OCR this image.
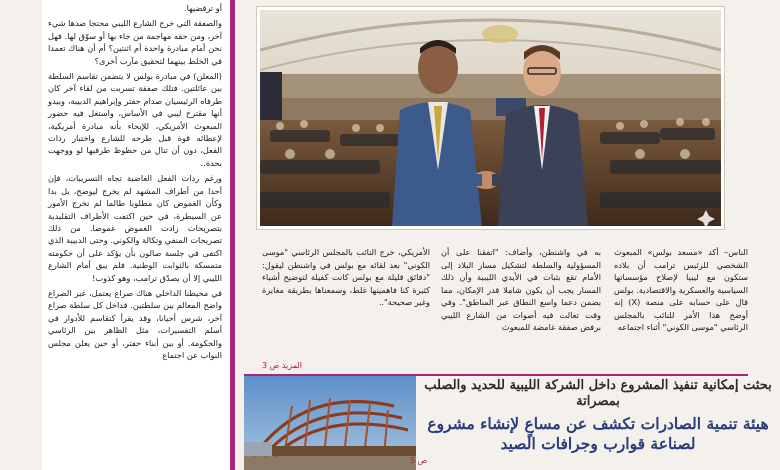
أو ترفضيها.

والصفقة التي خرج الشارع الليبي محتجا ضدها شيء آخر، ومن حقه مهاجمة من جاء بها أو سوّق لها. فهل نحن أمام مبادرة واحدة أم اثنتين؟ أم أن هناك تعمدا في الخلط بينهما لتحقيق مآرب أخرى؟

(المعلن) في مبادرة بولس لا يتضمن تقاسم السلطة بين عائلتين. فتلك صفقة تسربت من لقاء آخر كان طرفاه الرئيسيان صدام حفتر وإبراهيم الدبيبة، وبيدو أنها مقترح ليبي في الأساس، واستغل فيه حضور المبعوث الأمريكي، للإيحاء بأنه مبادرة أمريكية، لإعطائه قوة قبل طرحه للشارع واختبار ردات الفعل، دون أن تنال من حظوظ طرفيها لو ووجهت بحدة..

ورغم ردات الفعل الغاضبة تجاه التسريبات، فإن أحدا من أطراف المشهد لم يخرج ليوضح، بل بدا وكأن الغموض كان مطلوبا طالما لم تخرج الأمور عن السيطرة، في حين اكتفت الأطراف التقليدية بتصريحات زادت الغموض غموضا. من ذلك تصريحات المنفي وتكالة والكوني. وحتى الدبيبة الذي اكتفى في جلسة صالون بأن يؤكد على أن حكومته متمسكة بالثوابت الوطنية. فلم يبق أمام الشارع الليبي إلا أن يصدّق ترامب، وهو كذوب!

في محيطنا الداخلي هناك صراع يعتمل، غير الصراع واضح المعالم بين سلطتين. فداخل كل سلطة صراع آخر، شرس أحيانا، وقد يقرأ كتقاسم للأدوار في أسلم التفسيرات، مثل الظاهر بين الرئاسي والحكومة. أو بين أبناء حفتر، أو حين يعلن مجلس النواب عن اجتماع

الناس– أكد «مسعد بولس» المبعوث الشخصي للرئيس ترامب أن بلاده ستكون مع ليبيا لإصلاح مؤسساتها السياسية والعسكرية والاقتصادية. بولس قال على حسابه على منصة (X) إنه أوضح هذا الأمر للنائب بالمجلس الرئاسي "موسى الكوني" أثناء اجتماعه

به في واشنطن، وأضاف: "اتفقنا على أن المسؤولية والسلطة لتشكيل مسار البلاد إلى الأمام تقع بثبات في الأيدي الليبية وأن ذلك المسار يجب أن يكون شاملا قدر الإمكان، مما يضمن دعما واسع النطاق عبر المناطق". وفي وقت تعالت فيه أصوات من الشارع الليبي برفض صفقة غامضة للمبعوث

الأمريكي، خرج النائب بالمجلس الرئاسي "موسى الكوني" بعد لقائه مع بولس في واشنطن ليقول: "دقائق قليلة مع بولس كانت كفيلة لتوضيح أشياء كثيرة كنا فاهمينها غلط، وسمعناها بطريقة مغايرة وغير صحيحة"..

المزيد ص 3

بحثت إمكانية تنفيذ المشروع داخل الشركة الليبية للحديد والصلب بمصراتة

هيئة تنمية الصادرات تكشف عن مساعٍ لإنشاء مشروع لصناعة قوارب وجرافات الصيد

ص 5
